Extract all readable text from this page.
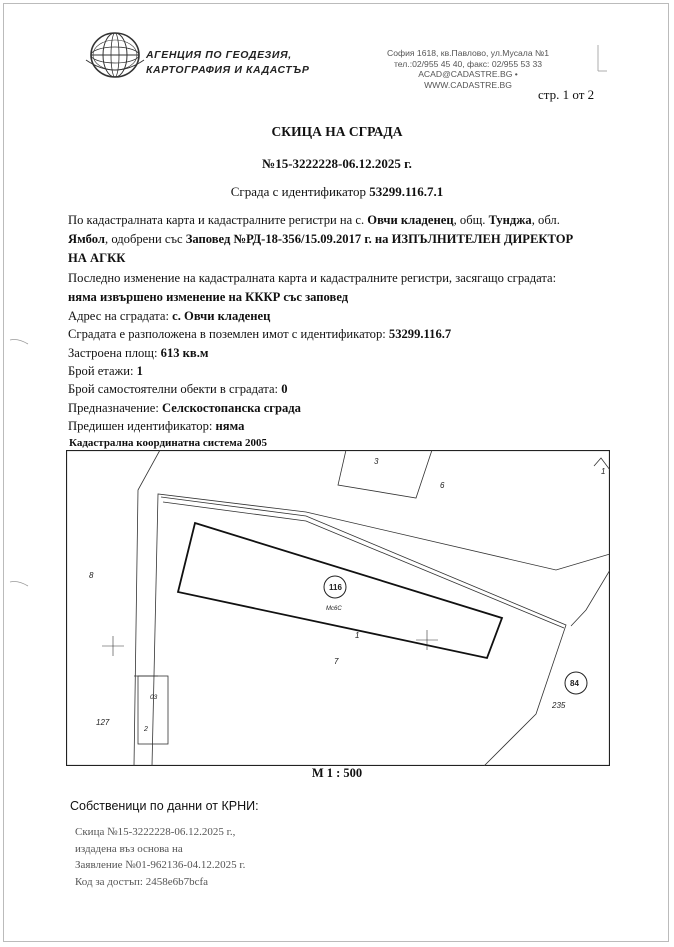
АГЕНЦИЯ ПО ГЕОДЕЗИЯ,
КАРТОГРАФИЯ И КАДАСТЪР
София 1618, кв.Павлово, ул.Мусала №1
тел.:02/955 45 40, факс: 02/955 53 33
ACAD@CADASTRE.BG • WWW.CADASTRE.BG
стр. 1 от 2
СКИЦА НА СГРАДА
№15-3222228-06.12.2025 г.
Сграда с идентификатор 53299.116.7.1
По кадастралната карта и кадастралните регистри на с. Овчи кладенец, общ. Тунджа, обл.
Ямбол, одобрени със Заповед №РД-18-356/15.09.2017 г. на ИЗПЪЛНИТЕЛЕН ДИРЕКТОР
НА АГКК
Последно изменение на кадастралната карта и кадастралните регистри, засягащо сградата:
няма извършено изменение на КККР със заповед
Адрес на сградата: с. Овчи кладенец
Сградата е разположена в поземлен имот с идентификатор: 53299.116.7
Застроена площ: 613 кв.м
Брой етажи: 1
Брой самостоятелни обекти в сградата: 0
Предназначение: Селскостопанска сграда
Предишен идентификатор: няма
Кадастрална координатна система 2005
3
6
1
8
116
Мс6С
1
7
84
235
03
2
127
М 1 : 500
Собственици по данни от КРНИ:
Скица №15-3222228-06.12.2025 г.,
издадена въз основа на
Заявление №01-962136-04.12.2025 г.
Код за достъп: 2458e6b7bcfa
